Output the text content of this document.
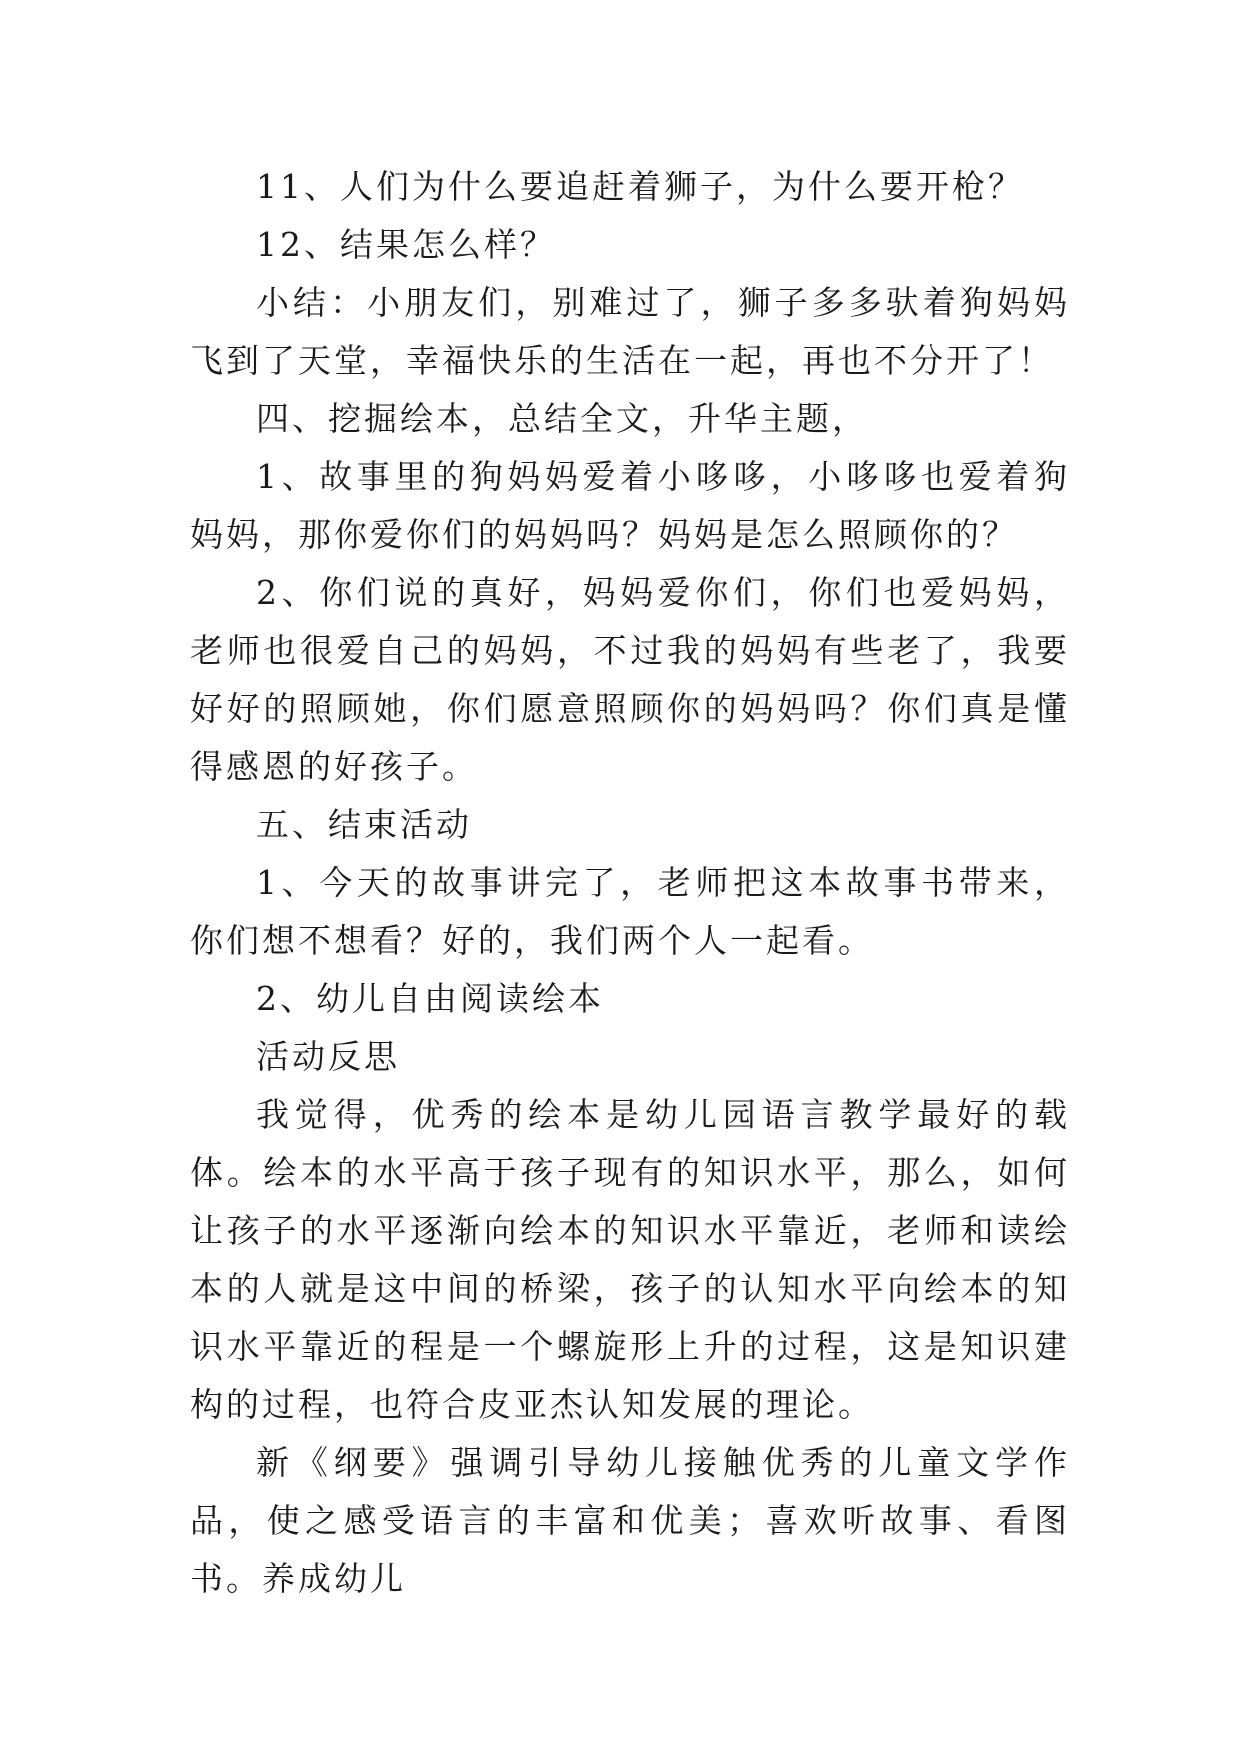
11、人们为什么要追赶着狮子，为什么要开枪？

12、结果怎么样？

小结：小朋友们，别难过了，狮子多多驮着狗妈妈飞到了天堂，幸福快乐的生活在一起，再也不分开了！

四、挖掘绘本，总结全文，升华主题，

1、故事里的狗妈妈爱着小哆哆，小哆哆也爱着狗妈妈，那你爱你们的妈妈吗？妈妈是怎么照顾你的？

2、你们说的真好，妈妈爱你们，你们也爱妈妈，老师也很爱自己的妈妈，不过我的妈妈有些老了，我要好好的照顾她，你们愿意照顾你的妈妈吗？你们真是懂得感恩的好孩子。

五、结束活动

1、今天的故事讲完了，老师把这本故事书带来，你们想不想看？好的，我们两个人一起看。

2、幼儿自由阅读绘本

活动反思

我觉得，优秀的绘本是幼儿园语言教学最好的载体。绘本的水平高于孩子现有的知识水平，那么，如何让孩子的水平逐渐向绘本的知识水平靠近，老师和读绘本的人就是这中间的桥梁，孩子的认知水平向绘本的知识水平靠近的程是一个螺旋形上升的过程，这是知识建构的过程，也符合皮亚杰认知发展的理论。

新《纲要》强调引导幼儿接触优秀的儿童文学作品，使之感受语言的丰富和优美；喜欢听故事、看图书。养成幼儿
